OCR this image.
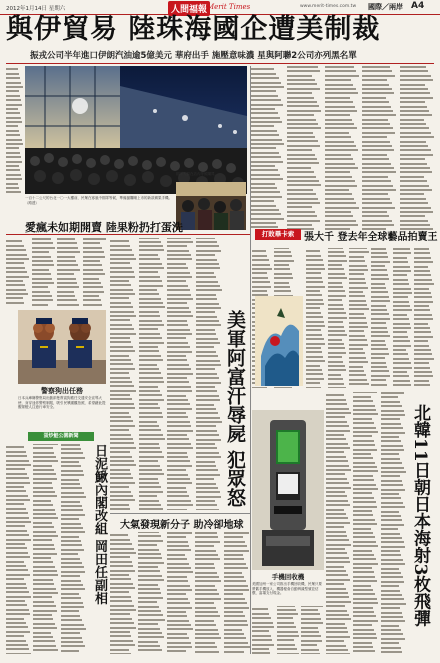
2012年1月14日 星期六	人間福報 Merit Times	www.merit-times.com.tw 國際／兩岸 A4
與伊貿易 陸珠海國企遭美制裁
振戎公司半年進口伊朗汽油逾5億美元 華府出手 施壓意味濃 星與阿聯2公司亦列黑名單
一百十二公尺的台北一〇一大樓前，民眾在寒風中排隊等候，準備搶購剛上市的新款蘋果手機。 （路透）
排隊人群在店內等候購買。
愛瘋未如期開賣 陸果粉扔打蛋洗
警察狗出任務
日本兵庫縣警察局出動兩隻貴賓狗擔任交通安全宣導大使，身穿迷你警察制服，吸引民眾圍觀拍照，希望藉此提醒駕駛人注意行車安全。
蛋炒鮭公園新聞
日泥鰍內閣改組 岡田任副相
美軍阿富汗辱屍 犯眾怒
大氣發現新分子 助冷卻地球
打敗畢卡索 張大千 登去年全球藝品拍賣王
手機回收機
美國加州一家公司推出手機回收機，民眾只要將舊手機放入，機器便會自動辨識型號並估價，當場支付現金。	北韓11日朝日本海射3枚飛彈
